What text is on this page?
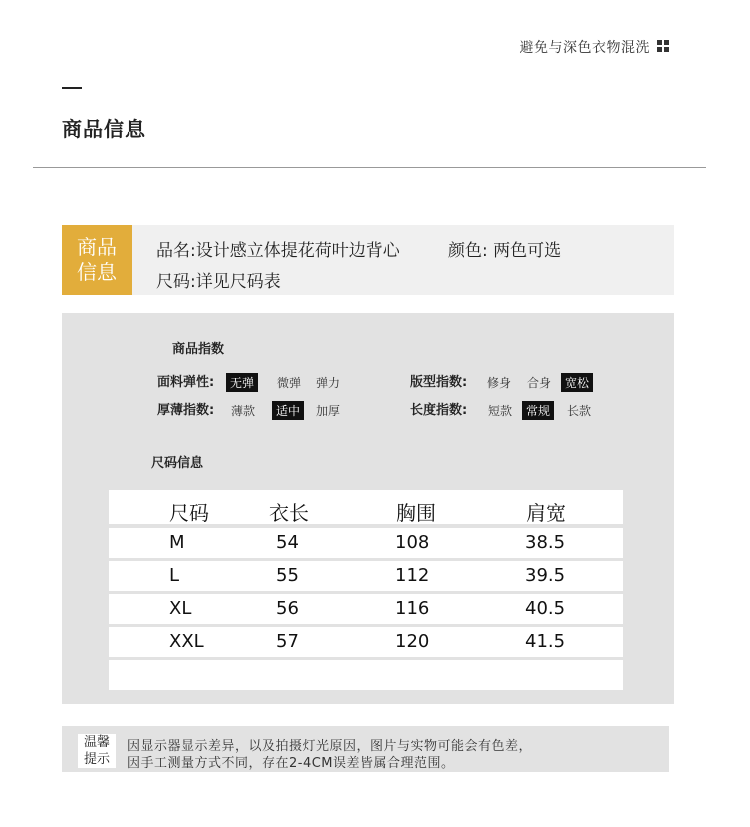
避免与深色衣物混洗
商品信息
商品
信息
品名:设计感立体提花荷叶边背心	颜色: 两色可选
尺码:详见尺码表
商品指数
面料弹性:	无弹	微弹 弹力
厚薄指数: 薄款	适中	加厚
版型指数: 修身 合身	宽松
长度指数: 短款	常规	长款
尺码信息
尺码	衣长	胸围	肩宽
M	54	108	38.5
L	55	112	39.5
XL	56	116	40.5
XXL	57	120	41.5
温馨
提示
因显示器显示差异，以及拍摄灯光原因，图片与实物可能会有色差，
因手工测量方式不同，存在2-4CM误差皆属合理范围。
